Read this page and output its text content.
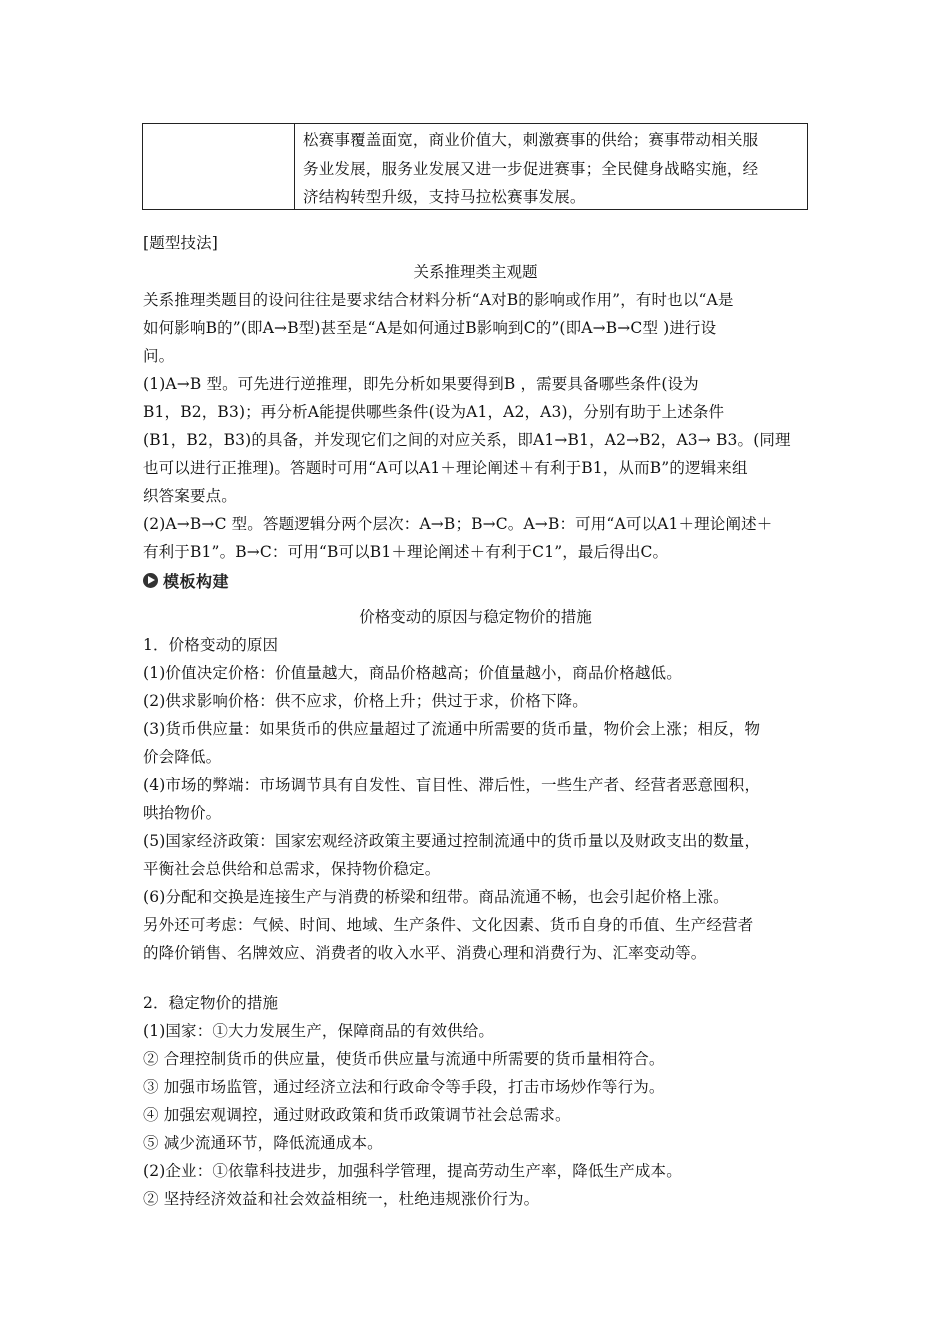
松赛事覆盖面宽，商业价值大，刺激赛事的供给；赛事带动相关服
务业发展，服务业发展又进一步促进赛事；全民健身战略实施，经
济结构转型升级，支持马拉松赛事发展。
[题型技法]
关系推理类主观题
关系推理类题目的设问往往是要求结合材料分析“A对B的影响或作用”，有时也以“A是
如何影响B的”(即A→B型)甚至是“A是如何通过B影响到C的”(即A→B→C型 )进行设
问。
(1)A→B 型。可先进行逆推理，即先分析如果要得到B ，需要具备哪些条件(设为
B1，B2，B3)；再分析A能提供哪些条件(设为A1，A2，A3)，分别有助于上述条件
(B1，B2，B3)的具备，并发现它们之间的对应关系，即A1→B1，A2→B2，A3→ B3。(同理
也可以进行正推理)。答题时可用“A可以A1＋理论阐述＋有利于B1，从而B”的逻辑来组
织答案要点。
(2)A→B→C 型。答题逻辑分两个层次：A→B；B→C。A→B：可用“A可以A1＋理论阐述＋
有利于B1”。B→C：可用“B可以B1＋理论阐述＋有利于C1”，最后得出C。
模板构建
价格变动的原因与稳定物价的措施
1．价格变动的原因
(1)价值决定价格：价值量越大，商品价格越高；价值量越小，商品价格越低。
(2)供求影响价格：供不应求，价格上升；供过于求，价格下降。
(3)货币供应量：如果货币的供应量超过了流通中所需要的货币量，物价会上涨；相反，物
价会降低。
(4)市场的弊端：市场调节具有自发性、盲目性、滞后性，一些生产者、经营者恶意囤积，
哄抬物价。
(5)国家经济政策：国家宏观经济政策主要通过控制流通中的货币量以及财政支出的数量，
平衡社会总供给和总需求，保持物价稳定。
(6)分配和交换是连接生产与消费的桥梁和纽带。商品流通不畅，也会引起价格上涨。
另外还可考虑：气候、时间、地域、生产条件、文化因素、货币自身的币值、生产经营者
的降价销售、名牌效应、消费者的收入水平、消费心理和消费行为、汇率变动等。
2．稳定物价的措施
(1)国家：①大力发展生产，保障商品的有效供给。
② 合理控制货币的供应量，使货币供应量与流通中所需要的货币量相符合。
③ 加强市场监管，通过经济立法和行政命令等手段，打击市场炒作等行为。
④ 加强宏观调控，通过财政政策和货币政策调节社会总需求。
⑤ 减少流通环节，降低流通成本。
(2)企业：①依靠科技进步，加强科学管理，提高劳动生产率，降低生产成本。
② 坚持经济效益和社会效益相统一，杜绝违规涨价行为。
